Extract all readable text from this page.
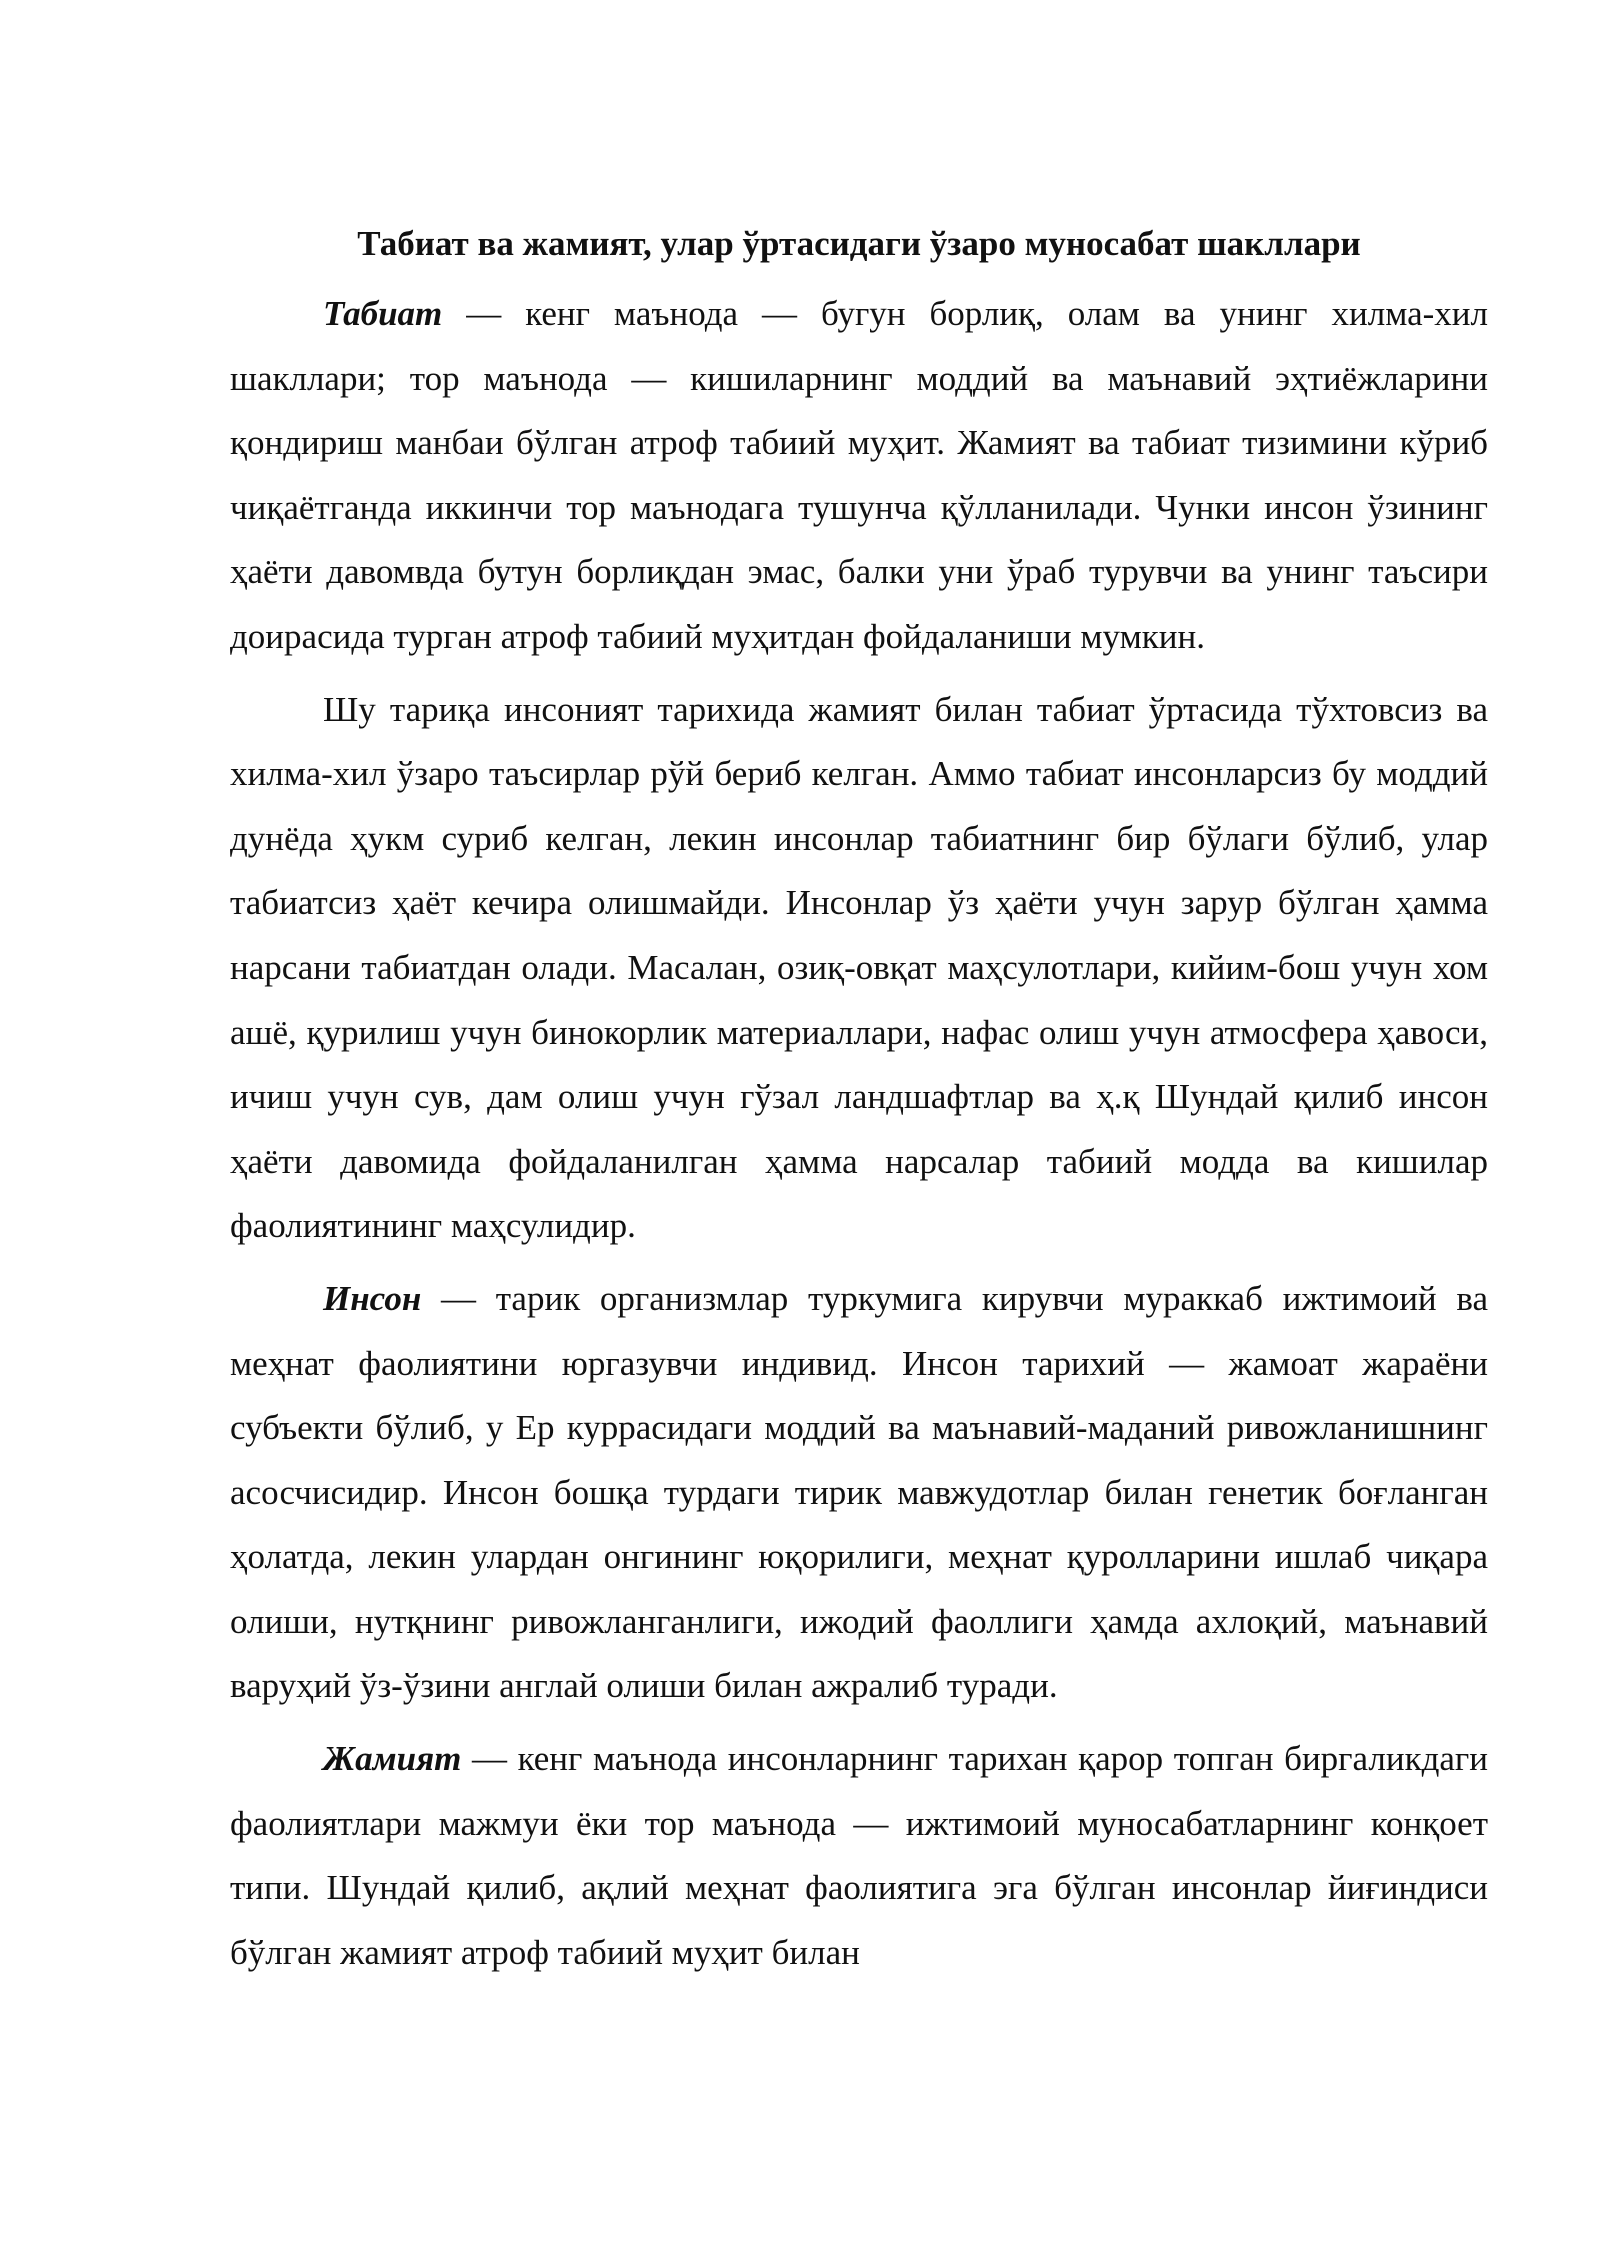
Табиат ва жамият, улар ўртасидаги ўзаро муносабат шакллари

Табиат — кенг маънода — бугун борлиқ, олам ва унинг хилма-хил шакллари; тор маънода — кишиларнинг моддий ва маънавий эҳтиёжларини қондириш манбаи бўлган атроф табиий муҳит. Жамият ва табиат тизимини кўриб чиқаётганда иккинчи тор маънодага тушунча қўлланилади. Чунки инсон ўзининг ҳаёти давомвда бутун борлиқдан эмас, балки уни ўраб турувчи ва унинг таъсири доирасида турган атроф табиий муҳитдан фойдаланиши мумкин.

Шу тариқа инсоният тарихида жамият билан табиат ўртасида тўхтовсиз ва хилма-хил ўзаро таъсирлар рўй бериб келган. Аммо табиат инсонларсиз бу моддий дунёда ҳукм суриб келган, лекин инсонлар табиатнинг бир бўлаги бўлиб, улар табиатсиз ҳаёт кечира олишмайди. Инсонлар ўз ҳаёти учун зарур бўлган ҳамма нарсани табиатдан олади. Масалан, озиқ-овқат маҳсулотлари, кийим-бош учун хом ашё, қурилиш учун бинокорлик материаллари, нафас олиш учун атмосфера ҳавоси, ичиш учун сув, дам олиш учун гўзал ландшафтлар ва ҳ.қ Шундай қилиб инсон ҳаёти давомида фойдаланилган ҳамма нарсалар табиий модда ва кишилар фаолиятининг маҳсулидир.

Инсон — тарик организмлар туркумига кирувчи мураккаб ижтимоий ва меҳнат фаолиятини юргазувчи индивид. Инсон тарихий — жамоат жараёни субъекти бўлиб, у Ер куррасидаги моддий ва маънавий-маданий ривожланишнинг асосчисидир. Инсон бошқа турдаги тирик мавжудотлар билан генетик боғланган ҳолатда, лекин улардан онгининг юқорилиги, меҳнат қуролларини ишлаб чиқара олиши, нутқнинг ривожланганлиги, ижодий фаоллиги ҳамда ахлоқий, маънавий варуҳий ўз-ўзини англай олиши билан ажралиб туради.

Жамият — кенг маънода инсонларнинг тарихан қарор топган биргаликдаги фаолиятлари мажмуи ёки тор маънода — ижтимоий муносабатларнинг конқоет типи. Шундай қилиб, ақлий меҳнат фаолиятига эга бўлган инсонлар йиғиндиси бўлган жамият атроф табиий муҳит билан
